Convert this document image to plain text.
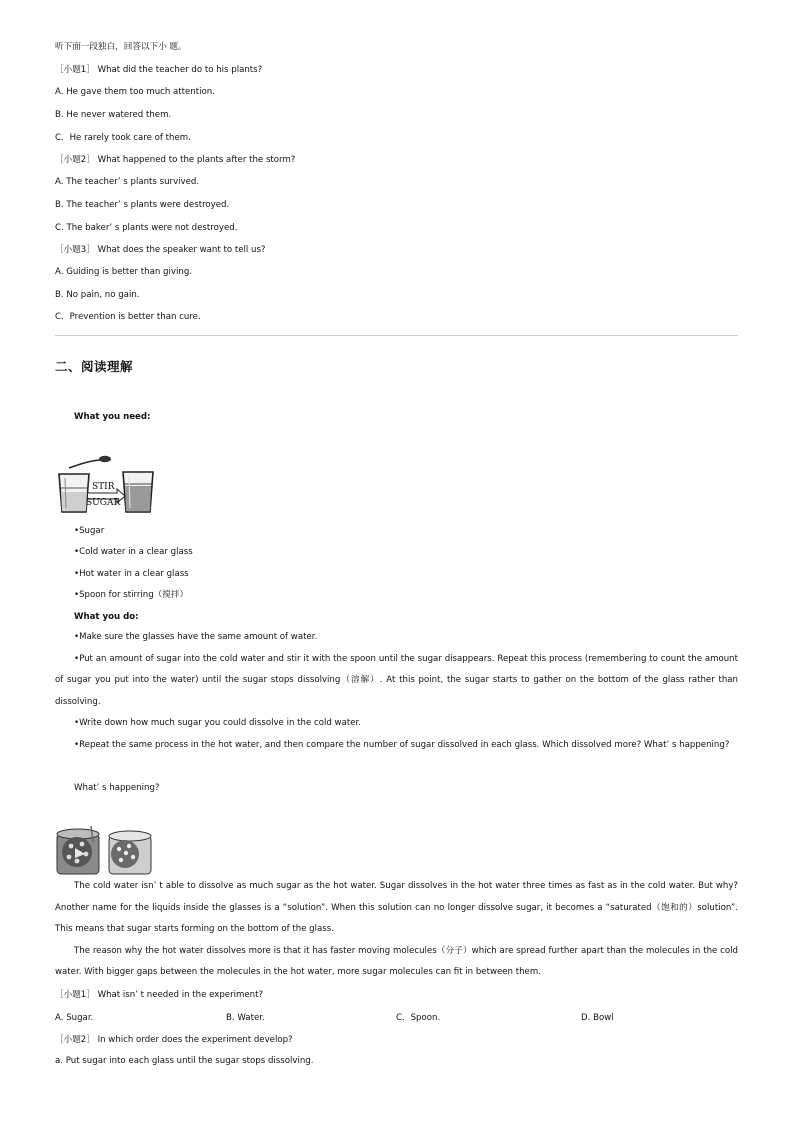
听下面一段独白，回答以下小 题。
［小题1］ What did the teacher do to his plants?
A. He gave them too much attention.
B. He never watered them.
C．He rarely took care of them.
［小题2］ What happened to the plants after the storm?
A. The teacher’ s plants survived.
B. The teacher’ s plants were destroyed.
C. The baker’ s plants were not destroyed.
［小题3］ What does the speaker want to tell us?
A. Guiding is better than giving.
B. No pain, no gain.
C．Prevention is better than cure.
二、阅读理解
What you need:
STIR
SUGAR
•Sugar
•Cold water in a clear glass
•Hot water in a clear glass
•Spoon for stirring（搅拌）
What you do:

•Make sure the glasses have the same amount of water.

•Put an amount of sugar into the cold water and stir it with the spoon until the sugar disappears. Repeat this process (remembering to count the amount of sugar you put into the water) until the sugar stops dissolving（溶解）. At this point, the sugar starts to gather on the bottom of the glass rather than dissolving.

•Write down how much sugar you could dissolve in the cold water.

•Repeat the same process in the hot water, and then compare the number of sugar dissolved in each glass. Which dissolved more? What’ s happening?

What’ s happening?

The cold water isn’ t able to dissolve as much sugar as the hot water. Sugar dissolves in the hot water three times as fast as in the cold water. But why? Another name for the liquids inside the glasses is a “solution”. When this solution can no longer dissolve sugar, it becomes a “saturated（饱和的）solution”. This means that sugar starts forming on the bottom of the glass.

The reason why the hot water dissolves more is that it has faster moving molecules（分子）which are spread further apart than the molecules in the cold water. With bigger gaps between the molecules in the hot water, more sugar molecules can fit in between them.

［小题1］ What isn’ t needed in the experiment?
A. Sugar.	B. Water.	C．Spoon.	D. Bowl
［小题2］ In which order does the experiment develop?
a. Put sugar into each glass until the sugar stops dissolving.
